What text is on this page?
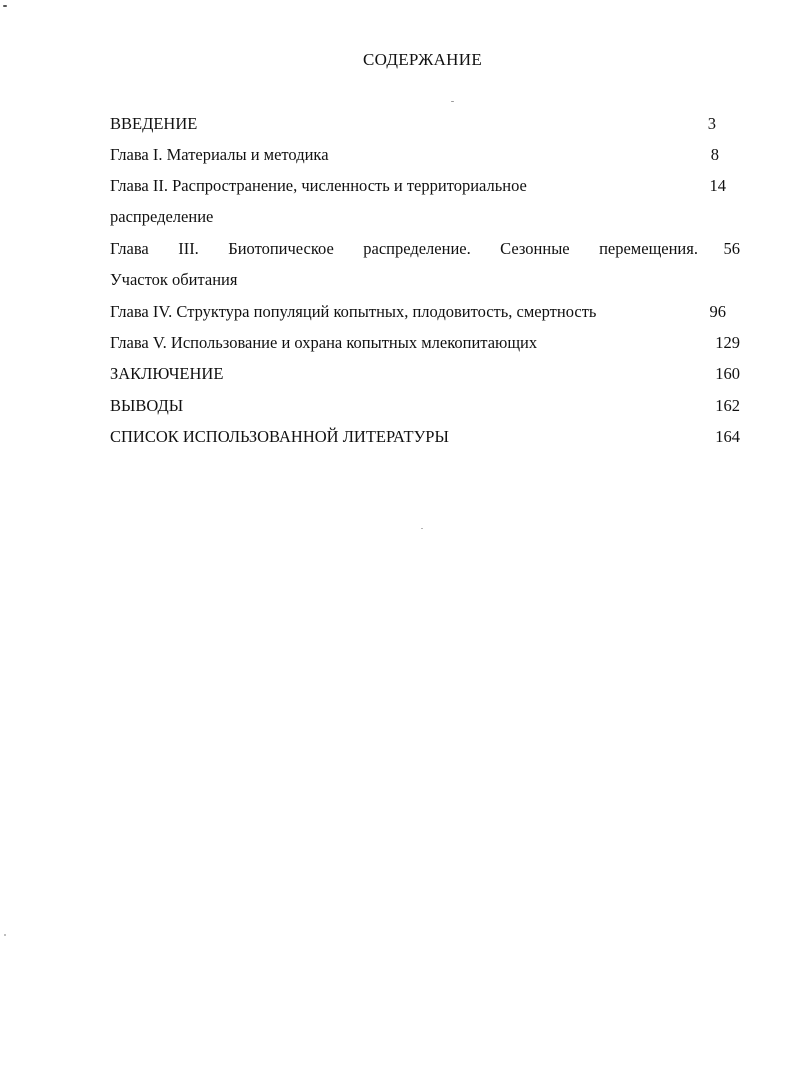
СОДЕРЖАНИЕ
ВВЕДЕНИЕ	3
Глава I. Материалы и методика	8
Глава II. Распространение, численность и территориальное	14
распределение
Глава III. Биотопическое распределение. Сезонные перемещения.	56
Участок обитания
Глава IV. Структура популяций копытных, плодовитость, смертность	96
Глава V. Использование и охрана копытных млекопитающих	129
ЗАКЛЮЧЕНИЕ	160
ВЫВОДЫ	162
СПИСОК ИСПОЛЬЗОВАННОЙ ЛИТЕРАТУРЫ	164
